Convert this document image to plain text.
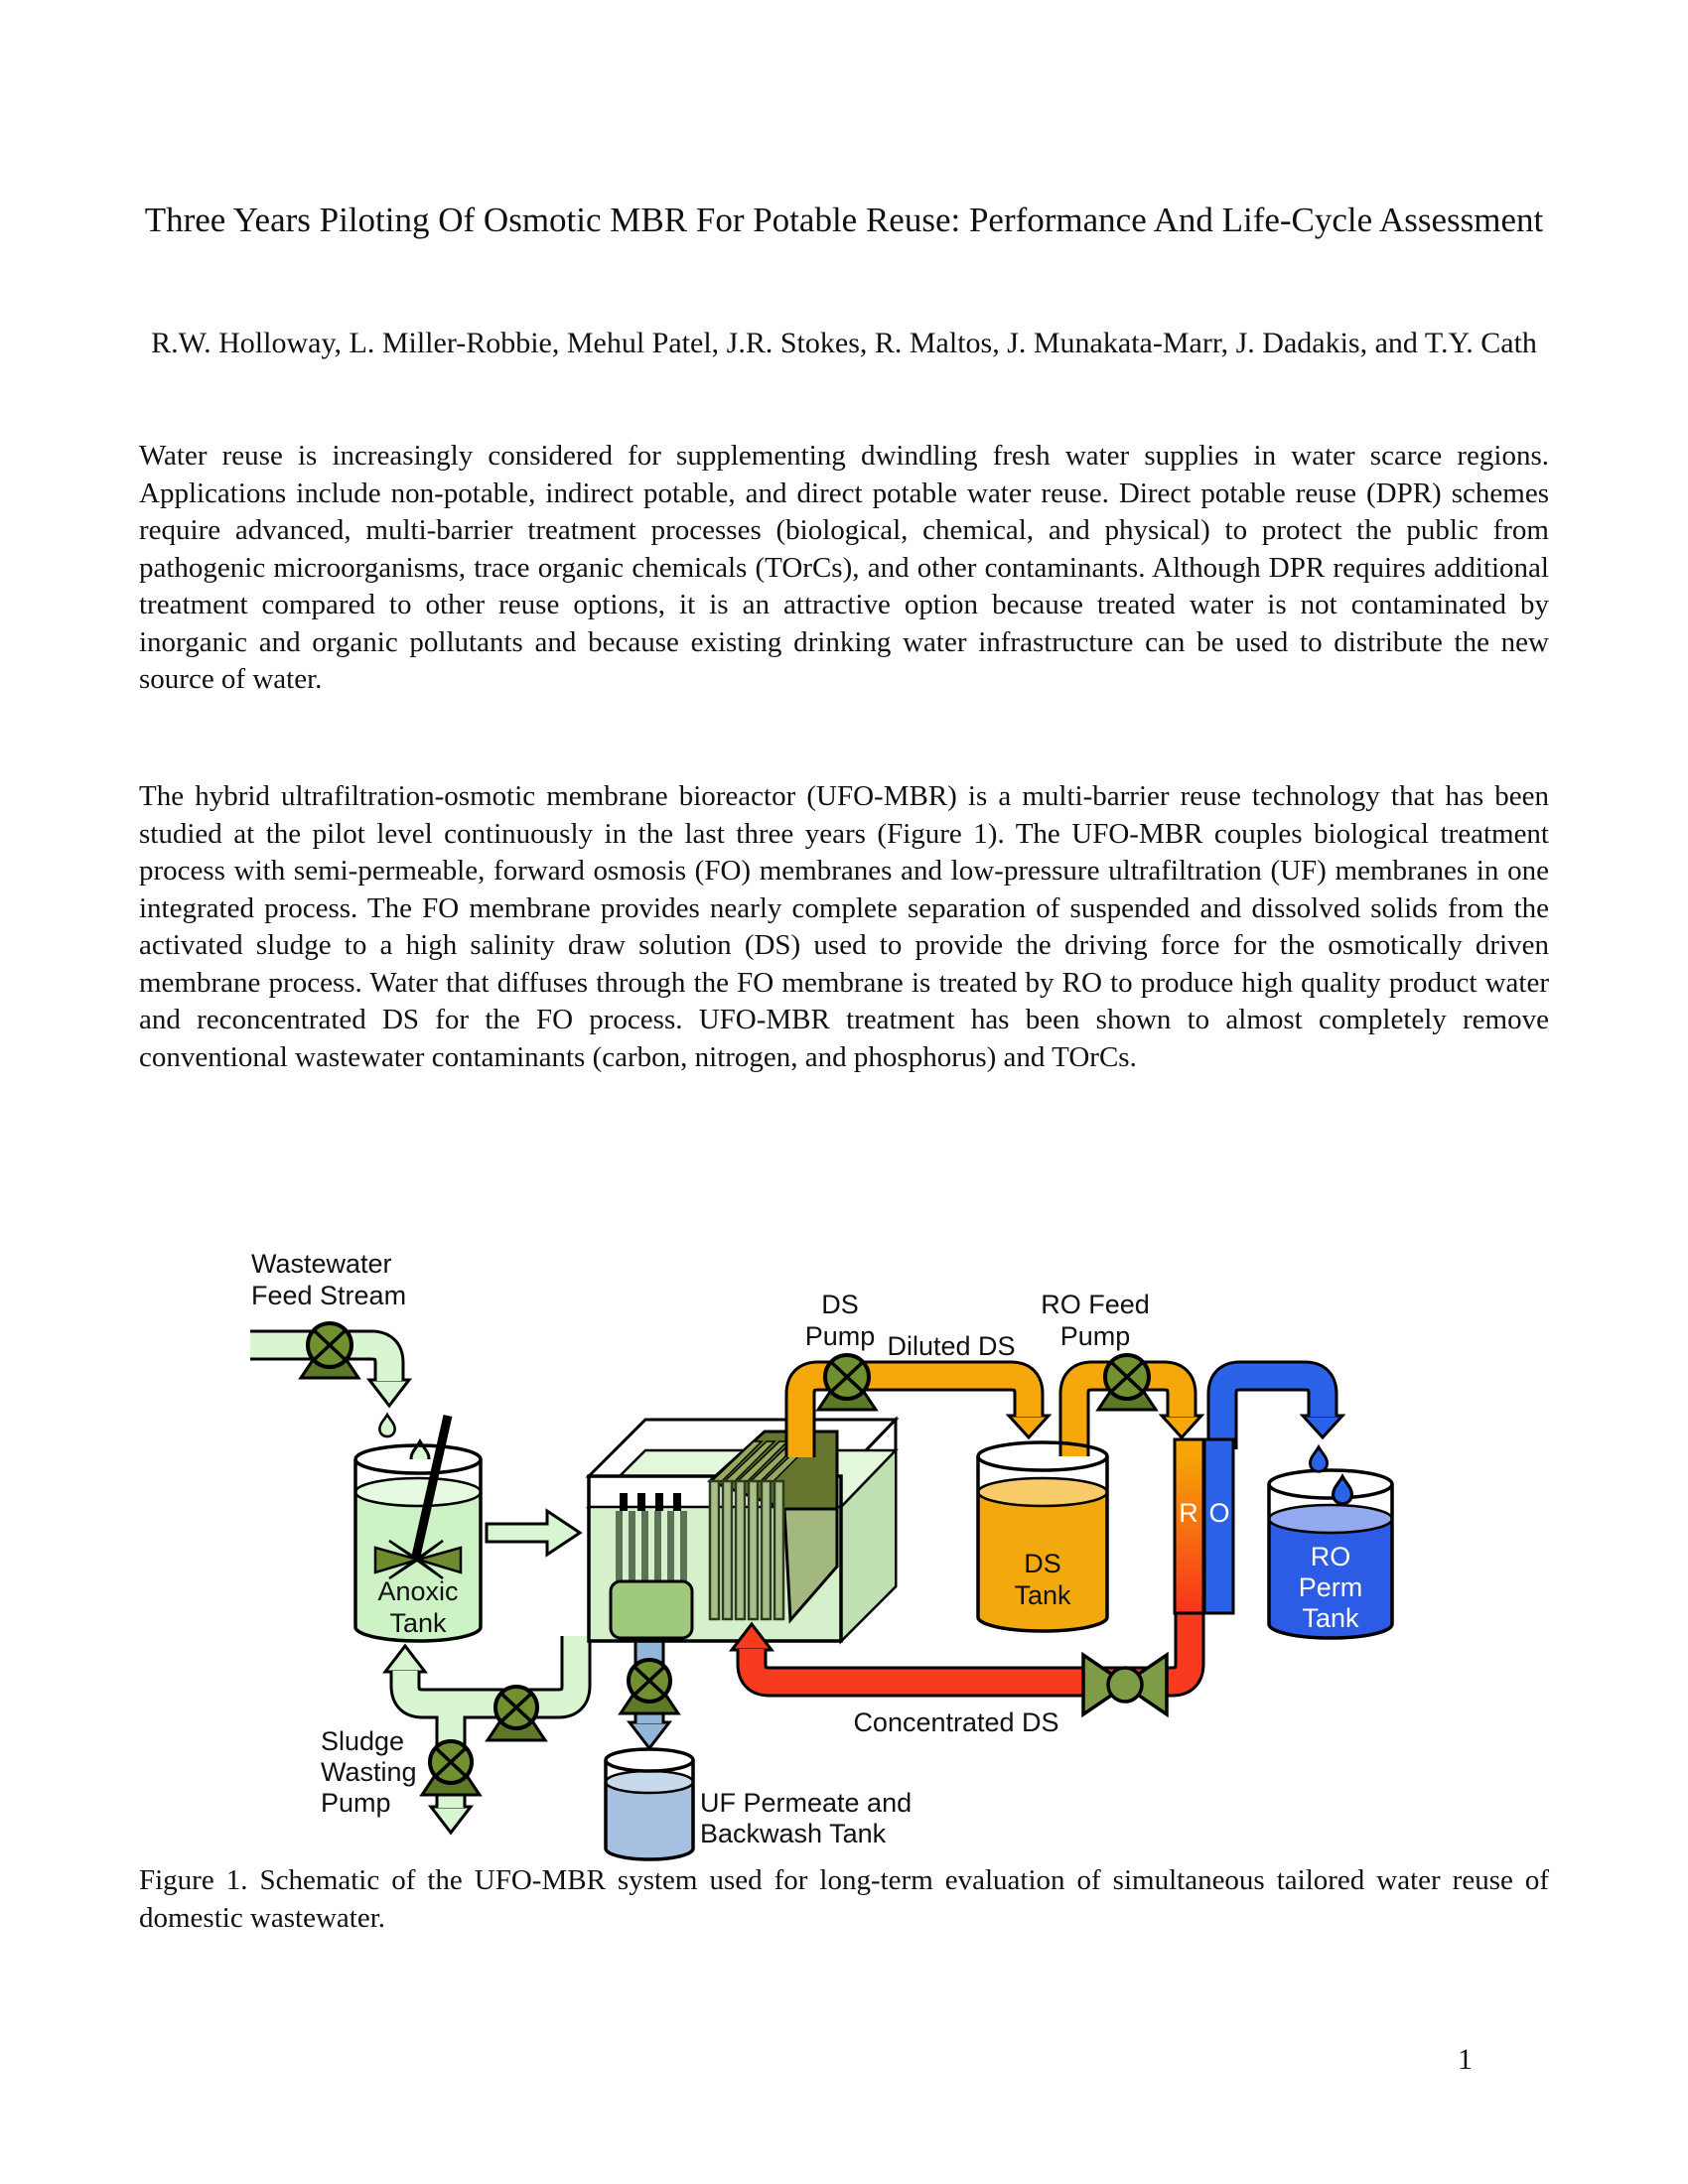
Three Years Piloting Of Osmotic MBR For Potable Reuse: Performance And Life-Cycle Assessment
R.W. Holloway, L. Miller-Robbie, Mehul Patel, J.R. Stokes, R. Maltos, J. Munakata-Marr, J. Dadakis, and T.Y. Cath

Water reuse is increasingly considered for supplementing dwindling fresh water supplies in water scarce regions. Applications include non-potable, indirect potable, and direct potable water reuse. Direct potable reuse (DPR) schemes require advanced, multi-barrier treatment processes (biological, chemical, and physical) to protect the public from pathogenic microorganisms, trace organic chemicals (TOrCs), and other contaminants. Although DPR requires additional treatment compared to other reuse options, it is an attractive option because treated water is not contaminated by inorganic and organic pollutants and because existing drinking water infrastructure can be used to distribute the new source of water.

The hybrid ultrafiltration-osmotic membrane bioreactor (UFO-MBR) is a multi-barrier reuse technology that has been studied at the pilot level continuously in the last three years (Figure 1). The UFO-MBR couples biological treatment process with semi-permeable, forward osmosis (FO) membranes and low-pressure ultrafiltration (UF) membranes in one integrated process. The FO membrane provides nearly complete separation of suspended and dissolved solids from the activated sludge to a high salinity draw solution (DS) used to provide the driving force for the osmotically driven membrane process. Water that diffuses through the FO membrane is treated by RO to produce high quality product water and reconcentrated DS for the FO process. UFO-MBR treatment has been shown to almost completely remove conventional wastewater contaminants (carbon, nitrogen, and phosphorus) and TOrCs.

Wastewater
Feed Stream	DS
Pump Diluted DS
RO Feed
Pump
Anoxic
Tank
DS
Tank
R O
RO
Perm
Tank
Concentrated DS
Sludge
Wasting
Pump	UF Permeate and
Backwash Tank

Figure 1. Schematic of the UFO-MBR system used for long-term evaluation of simultaneous tailored water reuse of domestic wastewater.

1
